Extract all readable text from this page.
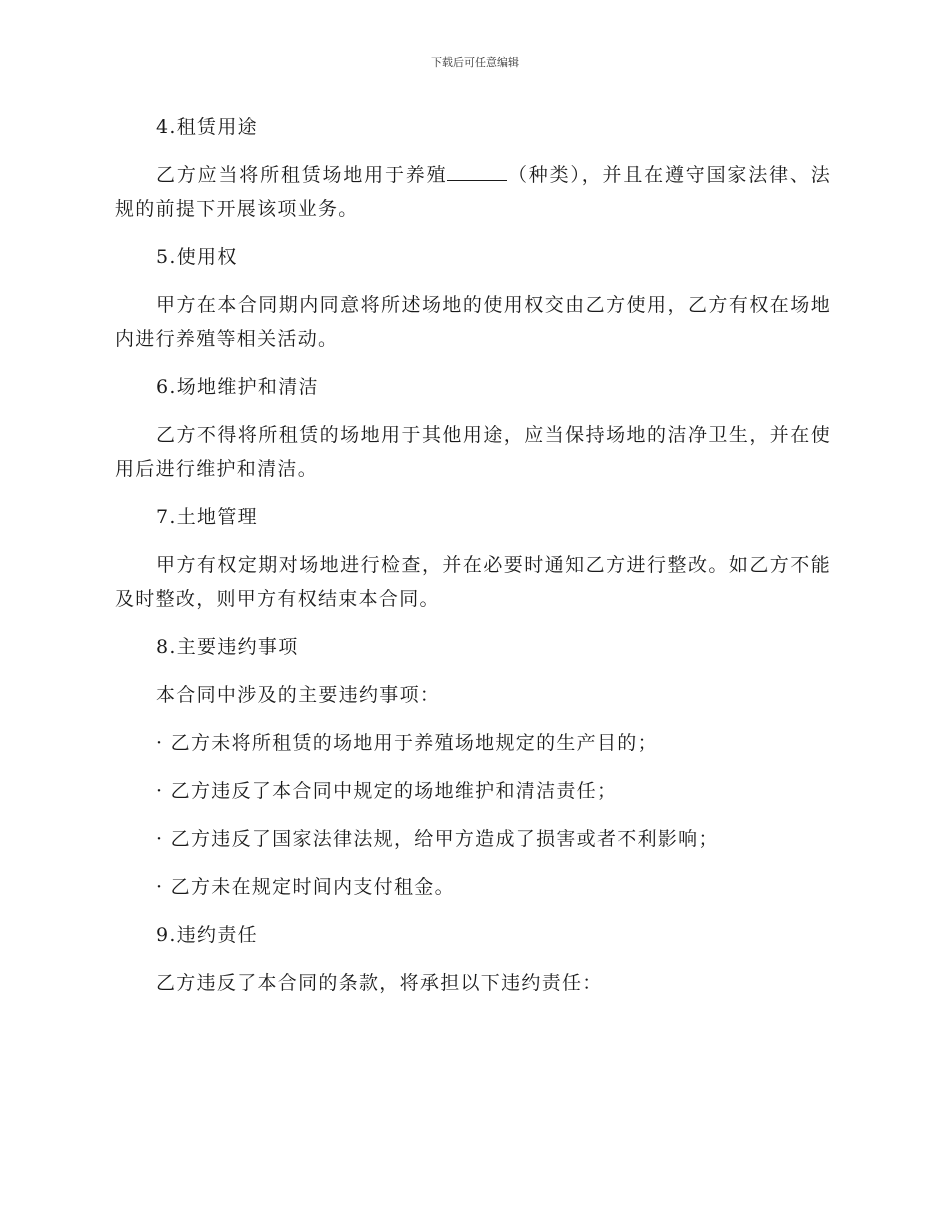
下载后可任意编辑

4.租赁用途

乙方应当将所租赁场地用于养殖	（种类），并且在遵守国家法律、法规的前提下开展该项业务。

5.使用权

甲方在本合同期内同意将所述场地的使用权交由乙方使用，乙方有权在场地内进行养殖等相关活动。

6.场地维护和清洁

乙方不得将所租赁的场地用于其他用途，应当保持场地的洁净卫生，并在使用后进行维护和清洁。

7.土地管理

甲方有权定期对场地进行检查，并在必要时通知乙方进行整改。如乙方不能及时整改，则甲方有权结束本合同。

8.主要违约事项

本合同中涉及的主要违约事项：

· 乙方未将所租赁的场地用于养殖场地规定的生产目的；

· 乙方违反了本合同中规定的场地维护和清洁责任；

· 乙方违反了国家法律法规，给甲方造成了损害或者不利影响；

· 乙方未在规定时间内支付租金。

9.违约责任

乙方违反了本合同的条款，将承担以下违约责任：
